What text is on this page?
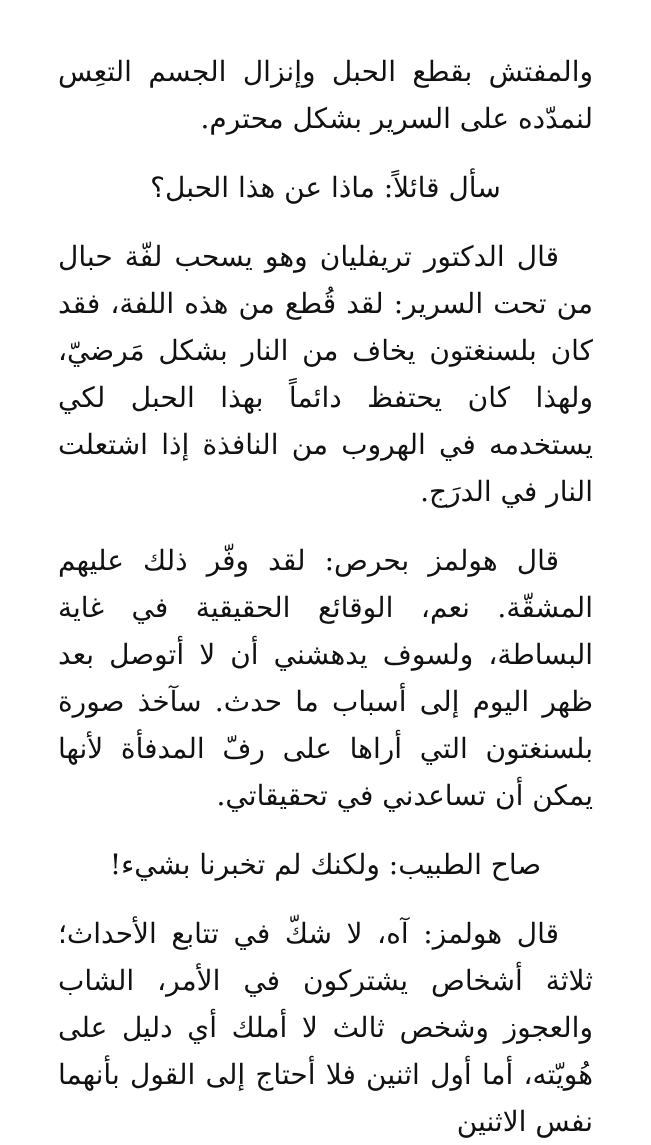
والمفتش بقطع الحبل وإنزال الجسم التعِس لنمدّده على السرير بشكل محترم.

سأل قائلاً: ماذا عن هذا الحبل؟

قال الدكتور تريفليان وهو يسحب لفّة حبال من تحت السرير: لقد قُطع من هذه اللفة، فقد كان بلسنغتون يخاف من النار بشكل مَرضيّ، ولهذا كان يحتفظ دائماً بهذا الحبل لكي يستخدمه في الهروب من النافذة إذا اشتعلت النار في الدرَج.

قال هولمز بحرص: لقد وفّر ذلك عليهم المشقّة. نعم، الوقائع الحقيقية في غاية البساطة، ولسوف يدهشني أن لا أتوصل بعد ظهر اليوم إلى أسباب ما حدث. سآخذ صورة بلسنغتون التي أراها على رفّ المدفأة لأنها يمكن أن تساعدني في تحقيقاتي.

صاح الطبيب: ولكنك لم تخبرنا بشيء!

قال هولمز: آه، لا شكّ في تتابع الأحداث؛ ثلاثة أشخاص يشتركون في الأمر، الشاب والعجوز وشخص ثالث لا أملك أي دليل على هُويّته، أما أول اثنين فلا أحتاج إلى القول بأنهما نفس الاثنين
